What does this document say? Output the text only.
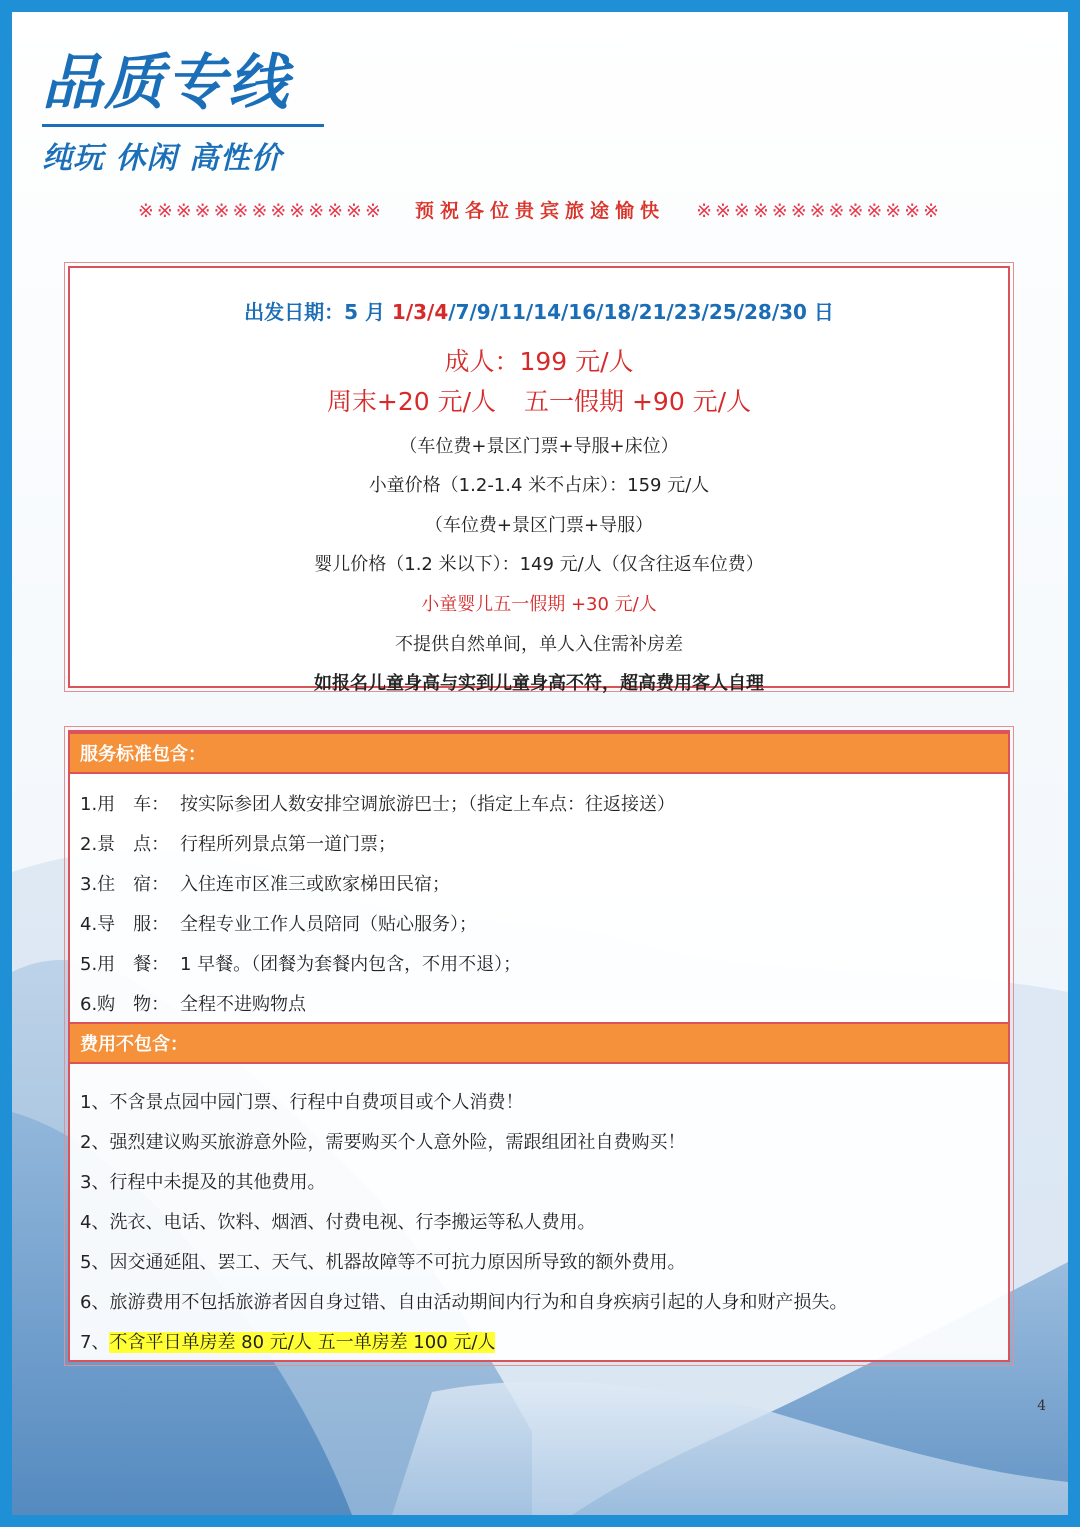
品质专线
纯玩 休闲 高性价
※※※※※※※※※※※※※ 预祝各位贵宾旅途愉快 ※※※※※※※※※※※※※
出发日期：5 月 1/3/4/7/9/11/14/16/18/21/23/25/28/30 日
成人：199 元/人
周末+20 元/人 五一假期 +90 元/人
（车位费+景区门票+导服+床位）
小童价格（1.2-1.4 米不占床）：159 元/人
（车位费+景区门票+导服）
婴儿价格（1.2 米以下）：149 元/人（仅含往返车位费）
小童婴儿五一假期 +30 元/人
不提供自然单间，单人入住需补房差
如报名儿童身高与实到儿童身高不符，超高费用客人自理
服务标准包含：
1.用　车： 按实际参团人数安排空调旅游巴士；（指定上车点：往返接送）
2.景　点： 行程所列景点第一道门票；
3.住　宿： 入住连市区准三或欧家梯田民宿；
4.导　服： 全程专业工作人员陪同（贴心服务）；
5.用　餐： 1 早餐。（团餐为套餐内包含，不用不退）；
6.购　物： 全程不进购物点
费用不包含：
1、不含景点园中园门票、行程中自费项目或个人消费！
2、强烈建议购买旅游意外险，需要购买个人意外险，需跟组团社自费购买！
3、行程中未提及的其他费用。
4、洗衣、电话、饮料、烟酒、付费电视、行李搬运等私人费用。
5、因交通延阻、罢工、天气、机器故障等不可抗力原因所导致的额外费用。
6、旅游费用不包括旅游者因自身过错、自由活动期间内行为和自身疾病引起的人身和财产损失。
7、不含平日单房差 80 元/人 五一单房差 100 元/人
4
